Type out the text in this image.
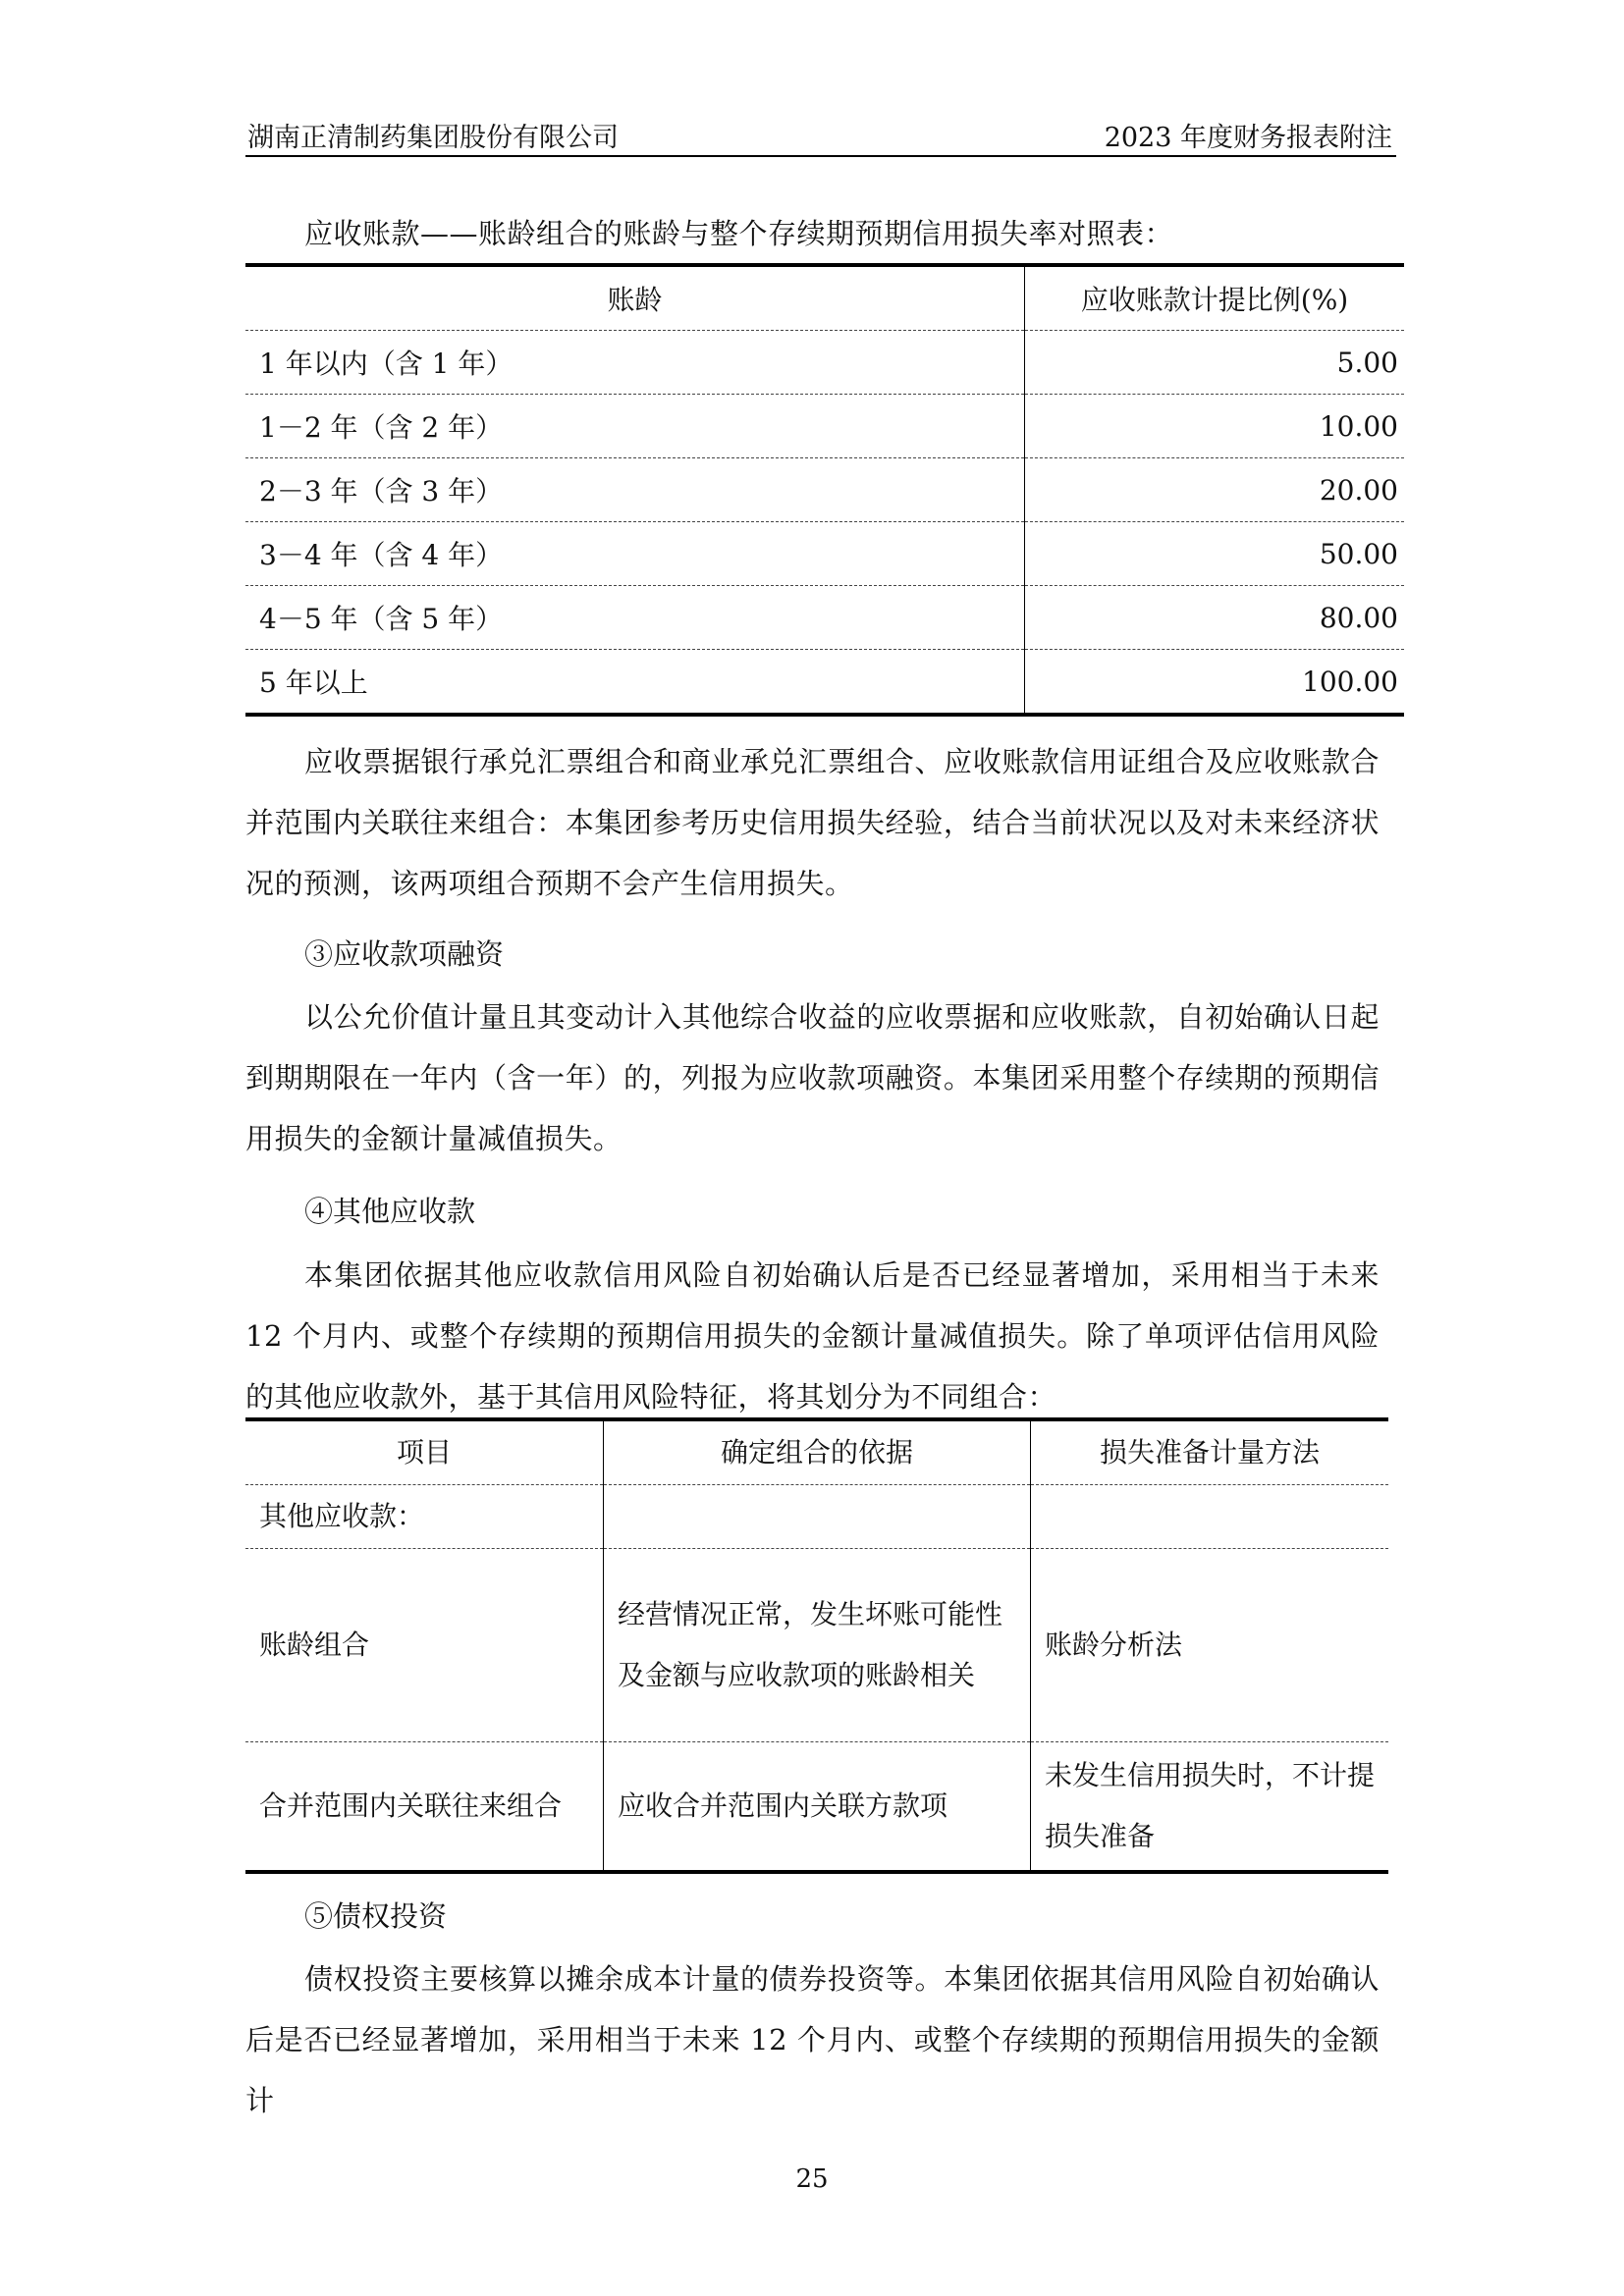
湖南正清制药集团股份有限公司	2023 年度财务报表附注
应收账款——账龄组合的账龄与整个存续期预期信用损失率对照表：
账龄	应收账款计提比例(%)
1 年以内（含 1 年）	5.00
1－2 年（含 2 年）	10.00
2－3 年（含 3 年）	20.00
3－4 年（含 4 年）	50.00
4－5 年（含 5 年）	80.00
5 年以上	100.00
应收票据银行承兑汇票组合和商业承兑汇票组合、应收账款信用证组合及应收账款合并范围内关联往来组合：本集团参考历史信用损失经验，结合当前状况以及对未来经济状况的预测，该两项组合预期不会产生信用损失。
③应收款项融资
以公允价值计量且其变动计入其他综合收益的应收票据和应收账款，自初始确认日起到期期限在一年内（含一年）的，列报为应收款项融资。本集团采用整个存续期的预期信用损失的金额计量减值损失。
④其他应收款
本集团依据其他应收款信用风险自初始确认后是否已经显著增加，采用相当于未来 12 个月内、或整个存续期的预期信用损失的金额计量减值损失。除了单项评估信用风险的其他应收款外，基于其信用风险特征，将其划分为不同组合：
项目	确定组合的依据	损失准备计量方法
其他应收款：		
账龄组合	经营情况正常，发生坏账可能性及金额与应收款项的账龄相关	账龄分析法
合并范围内关联往来组合	应收合并范围内关联方款项	未发生信用损失时，不计提损失准备
⑤债权投资
债权投资主要核算以摊余成本计量的债券投资等。本集团依据其信用风险自初始确认后是否已经显著增加，采用相当于未来 12 个月内、或整个存续期的预期信用损失的金额计
25
